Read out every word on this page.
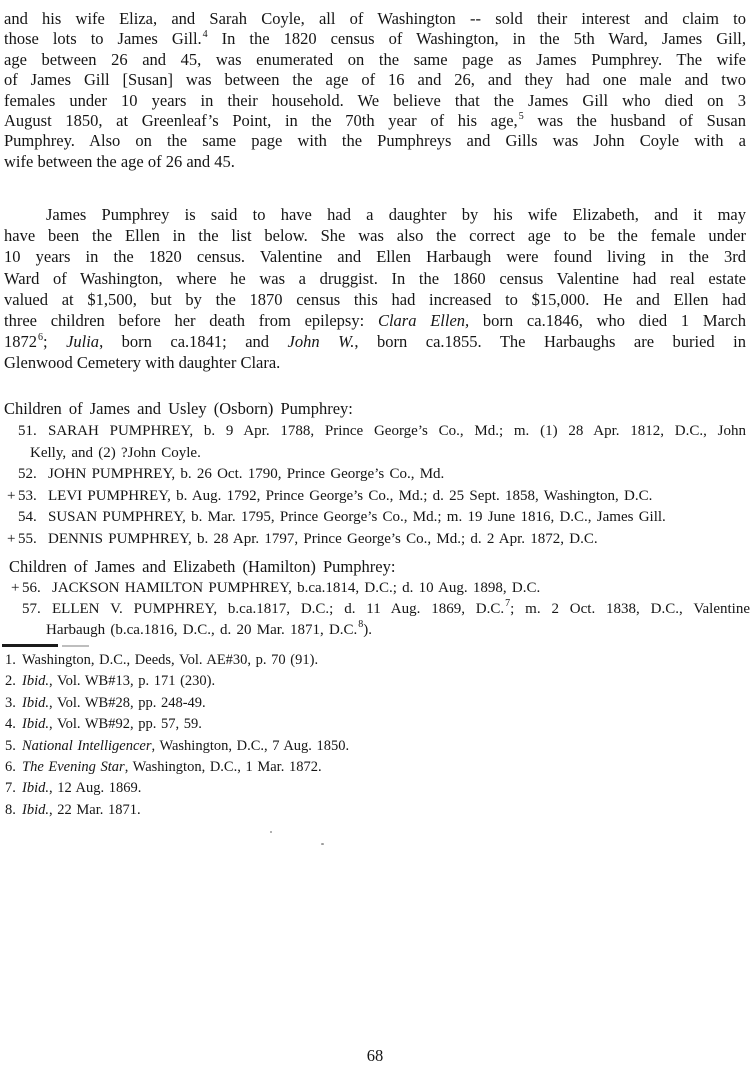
and his wife Eliza, and Sarah Coyle, all of Washington -- sold their interest and claim to
those lots to James Gill.$^4$ In the 1820 census of Washington, in the 5th Ward, James Gill,
age between 26 and 45, was enumerated on the same page as James Pumphrey. The wife
of James Gill [Susan] was between the age of 16 and 26, and they had one male and two
females under 10 years in their household. We believe that the James Gill who died on 3
August 1850, at Greenleaf’s Point, in the 70th year of his age,$^5$ was the husband of Susan
Pumphrey. Also on the same page with the Pumphreys and Gills was John Coyle with a
wife between the age of 26 and 45.
James Pumphrey is said to have had a daughter by his wife Elizabeth, and it may
have been the Ellen in the list below. She was also the correct age to be the female under
10 years in the 1820 census. Valentine and Ellen Harbaugh were found living in the 3rd
Ward of Washington, where he was a druggist. In the 1860 census Valentine had real estate
valued at $1,500, but by the 1870 census this had increased to $15,000. He and Ellen had
three children before her death from epilepsy: Clara Ellen, born ca.1846, who died 1 March
1872$^6$; Julia, born ca.1841; and John W., born ca.1855. The Harbaughs are buried in
Glenwood Cemetery with daughter Clara.
Children of James and Usley (Osborn) Pumphrey:
51. SARAH PUMPHREY, b. 9 Apr. 1788, Prince George’s Co., Md.; m. (1) 28 Apr. 1812, D.C., John
Kelly, and (2) ?John Coyle.
52. JOHN PUMPHREY, b. 26 Oct. 1790, Prince George’s Co., Md.
+ 53. LEVI PUMPHREY, b. Aug. 1792, Prince George’s Co., Md.; d. 25 Sept. 1858, Washington, D.C.
54. SUSAN PUMPHREY, b. Mar. 1795, Prince George’s Co., Md.; m. 19 June 1816, D.C., James Gill.
+ 55. DENNIS PUMPHREY, b. 28 Apr. 1797, Prince George’s Co., Md.; d. 2 Apr. 1872, D.C.
Children of James and Elizabeth (Hamilton) Pumphrey:
+ 56. JACKSON HAMILTON PUMPHREY, b.ca.1814, D.C.; d. 10 Aug. 1898, D.C.
57. ELLEN V. PUMPHREY, b.ca.1817, D.C.; d. 11 Aug. 1869, D.C.$^7$; m. 2 Oct. 1838, D.C., Valentine
Harbaugh (b.ca.1816, D.C., d. 20 Mar. 1871, D.C.$^8$).
1. Washington, D.C., Deeds, Vol. AE#30, p. 70 (91).
2. Ibid., Vol. WB#13, p. 171 (230).
3. Ibid., Vol. WB#28, pp. 248-49.
4. Ibid., Vol. WB#92, pp. 57, 59.
5. National Intelligencer, Washington, D.C., 7 Aug. 1850.
6. The Evening Star, Washington, D.C., 1 Mar. 1872.
7. Ibid., 12 Aug. 1869.
8. Ibid., 22 Mar. 1871.
68
